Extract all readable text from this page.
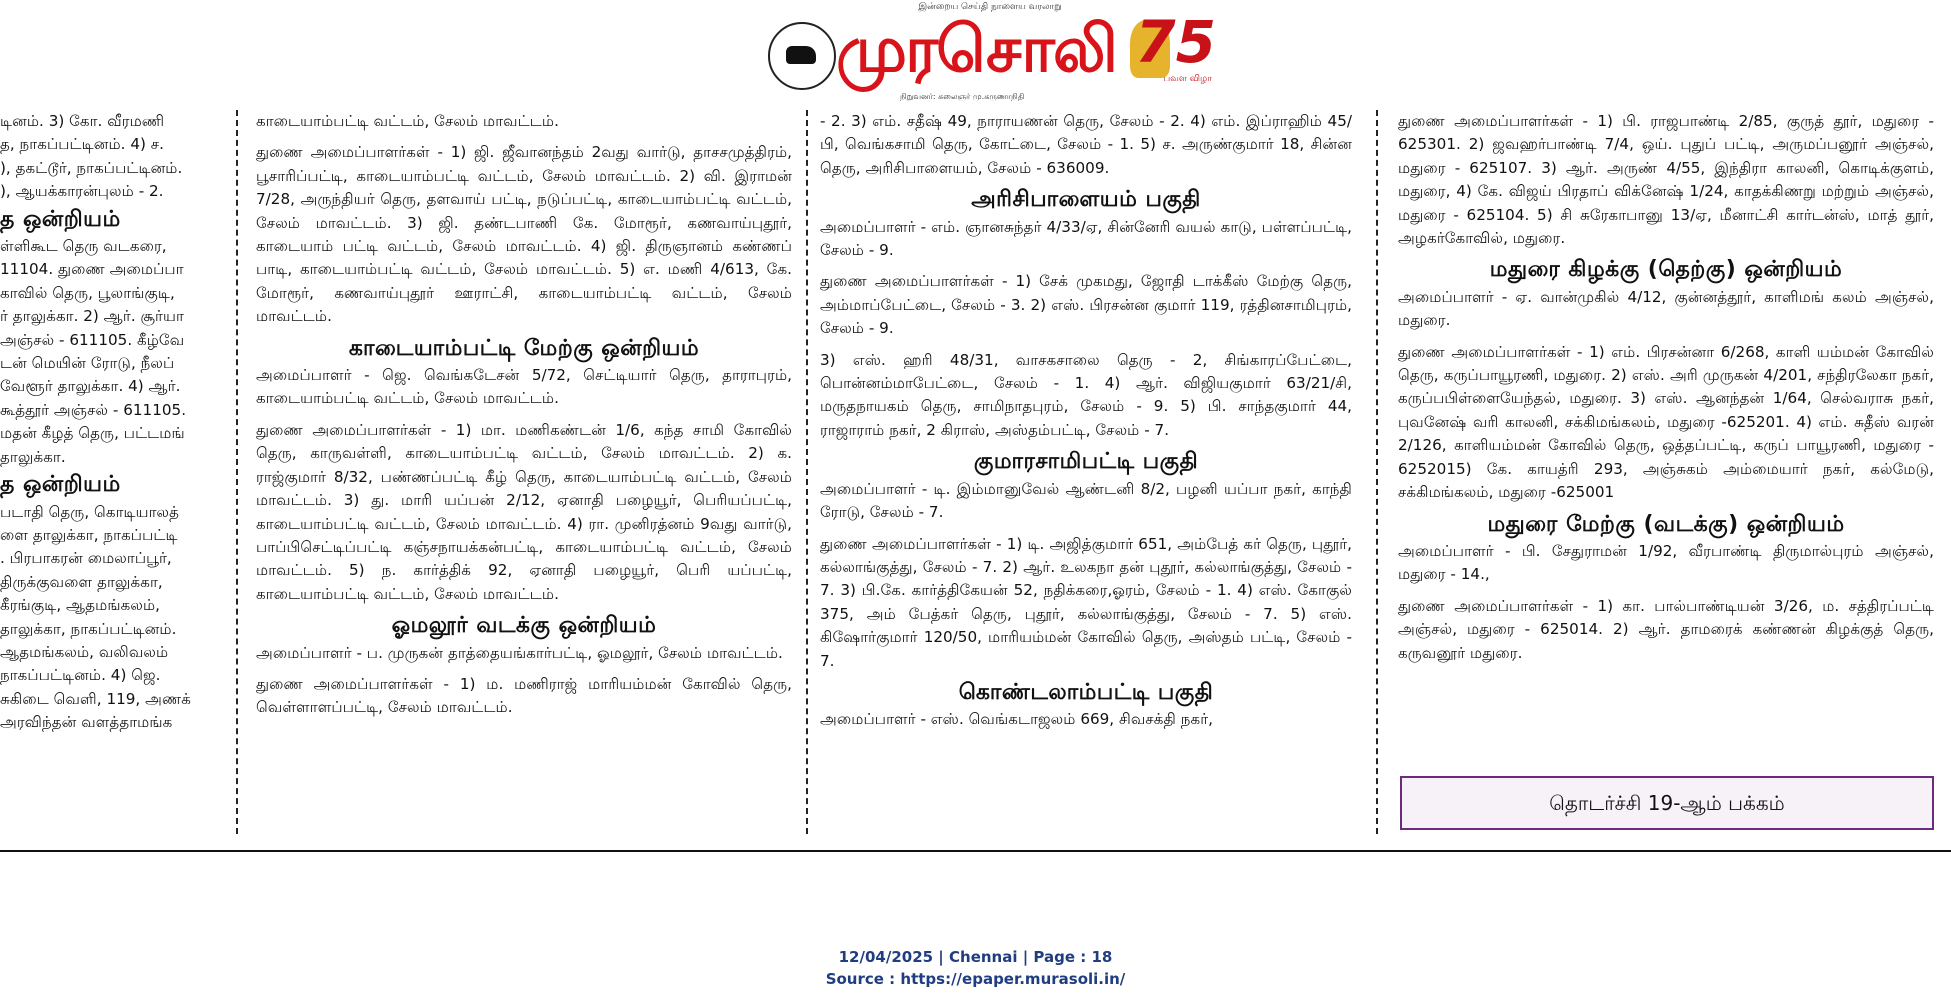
இன்றைய செய்தி நாளைய வரலாறு
முரசொலி
நிறுவனர்: கலைஞர் மு.கருணாநிதி
75
பவள விழா

டினம். 3) கோ. வீரமணி

த, நாகப்பட்டினம். 4) ச.

), தகட்டூர், நாகப்பட்டினம்.

), ஆயக்காரன்புலம் - 2.

த ஒன்றியம்

ள்ளிகூட தெரு வடகரை,

11104. துணை அமைப்பா

காவில் தெரு, பூலாங்குடி,

ர் தாலுக்கா. 2) ஆர். சூர்யா

அஞ்சல் - 611105. கீழ்வே

டன் மெயின் ரோடு, நீலப்

வேளூர் தாலுக்கா. 4) ஆர்.

கூத்தூர் அஞ்சல் - 611105.

மதன் கீழத் தெரு, பட்டமங்

தாலுக்கா.

த ஒன்றியம்

படாதி தெரு, கொடியாலத்

ளை தாலுக்கா, நாகப்பட்டி

. பிரபாகரன் மைலாப்பூர்,

திருக்குவளை தாலுக்கா,

கீரங்குடி, ஆதமங்கலம்,

தாலுக்கா, நாகப்பட்டினம்.

ஆதமங்கலம், வலிவலம்

நாகப்பட்டினம். 4) ஜெ.

சுகிடை வெளி, 119, அணக்

அரவிந்தன் வளத்தாமங்க

காடையாம்பட்டி வட்டம், சேலம் மாவட்டம்.

துணை அமைப்பாளர்கள் - 1) ஜி. ஜீவானந்தம் 2வது வார்டு, தாசசமுத்திரம், பூசாரிப்பட்டி, காடையாம்பட்டி வட்டம், சேலம் மாவட்டம். 2) வி. இராமன் 7/28, அருந்தியர் தெரு, தளவாய் பட்டி, நடுப்பட்டி, காடையாம்பட்டி வட்டம், சேலம் மாவட்டம். 3) ஜி. தண்டபாணி கே. மோரூர், கணவாய்புதூர், காடையாம் பட்டி வட்டம், சேலம் மாவட்டம். 4) ஜி. திருஞானம் கண்ணப் பாடி, காடையாம்பட்டி வட்டம், சேலம் மாவட்டம். 5) எ. மணி 4/613, கே. மோரூர், கணவாய்புதூர் ஊராட்சி, காடையாம்பட்டி வட்டம், சேலம் மாவட்டம்.

காடையாம்பட்டி மேற்கு ஒன்றியம்

அமைப்பாளர் - ஜெ. வெங்கடேசன் 5/72, செட்டியார் தெரு, தாராபுரம், காடையாம்பட்டி வட்டம், சேலம் மாவட்டம்.

துணை அமைப்பாளர்கள் - 1) மா. மணிகண்டன் 1/6, கந்த சாமி கோவில் தெரு, காருவள்ளி, காடையாம்பட்டி வட்டம், சேலம் மாவட்டம். 2) க. ராஜ்குமார் 8/32, பண்ணப்பட்டி கீழ் தெரு, காடையாம்பட்டி வட்டம், சேலம் மாவட்டம். 3) து. மாரி யப்பன் 2/12, ஏனாதி பழையூர், பெரியப்பட்டி, காடையாம்பட்டி வட்டம், சேலம் மாவட்டம். 4) ரா. முனிரத்னம் 9வது வார்டு, பாப்பிசெட்டிப்பட்டி கஞ்சநாயக்கன்பட்டி, காடையாம்பட்டி வட்டம், சேலம் மாவட்டம். 5) ந. கார்த்திக் 92, ஏனாதி பழையூர், பெரி யப்பட்டி, காடையாம்பட்டி வட்டம், சேலம் மாவட்டம்.

ஓமலூர் வடக்கு ஒன்றியம்

அமைப்பாளர் - ப. முருகன் தாத்தையங்கார்பட்டி, ஓமலூர், சேலம் மாவட்டம்.

துணை அமைப்பாளர்கள் - 1) ம. மணிராஜ் மாரியம்மன் கோவில் தெரு, வெள்ளாளப்பட்டி, சேலம் மாவட்டம்.

- 2. 3) எம். சதீஷ் 49, நாராயணன் தெரு, சேலம் - 2. 4) எம். இப்ராஹிம் 45/பி, வெங்கசாமி தெரு, கோட்டை, சேலம் - 1. 5) ச. அருண்குமார் 18, சின்ன தெரு, அரிசிபாளையம், சேலம் - 636009.

அரிசிபாளையம் பகுதி

அமைப்பாளர் - எம். ஞானசுந்தர் 4/33/ஏ, சின்னேரி வயல் காடு, பள்ளப்பட்டி, சேலம் - 9.

துணை அமைப்பாளர்கள் - 1) சேக் முகமது, ஜோதி டாக்கீஸ் மேற்கு தெரு, அம்மாப்பேட்டை, சேலம் - 3. 2) எஸ். பிரசன்ன குமார் 119, ரத்தினசாமிபுரம், சேலம் - 9.

3) எஸ். ஹரி 48/31, வாசகசாலை தெரு - 2, சிங்காரப்பேட்டை, பொன்னம்மாபேட்டை, சேலம் - 1. 4) ஆர். விஜியகுமார் 63/21/சி, மருதநாயகம் தெரு, சாமிநாதபுரம், சேலம் - 9. 5) பி. சாந்தகுமார் 44, ராஜாராம் நகர், 2 கிராஸ், அஸ்தம்பட்டி, சேலம் - 7.

குமாரசாமிபட்டி பகுதி

அமைப்பாளர் - டி. இம்மானுவேல் ஆண்டனி 8/2, பழனி யப்பா நகர், காந்தி ரோடு, சேலம் - 7.

துணை அமைப்பாளர்கள் - 1) டி. அஜித்குமார் 651, அம்பேத் கர் தெரு, புதூர், கல்லாங்குத்து, சேலம் - 7. 2) ஆர். உலகநா தன் புதூர், கல்லாங்குத்து, சேலம் - 7. 3) பி.கே. கார்த்திகேயன் 52, நதிக்கரை,ஓரம், சேலம் - 1. 4) எஸ். கோகுல் 375, அம் பேத்கர் தெரு, புதூர், கல்லாங்குத்து, சேலம் - 7. 5) எஸ். கிஷோர்குமார் 120/50, மாரியம்மன் கோவில் தெரு, அஸ்தம் பட்டி, சேலம் - 7.

கொண்டலாம்பட்டி பகுதி

அமைப்பாளர் - எஸ். வெங்கடாஜலம் 669, சிவசக்தி நகர்,

துணை அமைப்பாளர்கள் - 1) பி. ராஜபாண்டி 2/85, குருத் தூர், மதுரை - 625301. 2) ஜவஹர்பாண்டி 7/4, ஒய். புதுப் பட்டி, அருமப்பனூர் அஞ்சல், மதுரை - 625107. 3) ஆர். அருண் 4/55, இந்திரா காலனி, கொடிக்குளம், மதுரை, 4) கே. விஜய் பிரதாப் விக்னேஷ் 1/24, காதக்கிணறு மற்றும் அஞ்சல், மதுரை - 625104. 5) சி சுரேகாபானு 13/ஏ, மீனாட்சி கார்டன்ஸ், மாத் தூர், அழகர்கோவில், மதுரை.

மதுரை கிழக்கு (தெற்கு) ஒன்றியம்

அமைப்பாளர் - ஏ. வான்முகில் 4/12, குன்னத்தூர், காளிமங் கலம் அஞ்சல், மதுரை.

துணை அமைப்பாளர்கள் - 1) எம். பிரசன்னா 6/268, காளி யம்மன் கோவில் தெரு, கருப்பாயூரணி, மதுரை. 2) எஸ். அரி முருகன் 4/201, சந்திரலேகா நகர், கருப்பபிள்ளையேந்தல், மதுரை. 3) எஸ். ஆனந்தன் 1/64, செல்வராசு நகர், புவனேஷ் வரி காலனி, சக்கிமங்கலம், மதுரை -625201. 4) எம். சுதீஸ் வரன் 2/126, காளியம்மன் கோவில் தெரு, ஒத்தப்பட்டி, கருப் பாயூரணி, மதுரை - 6252015) கே. காயத்ரி 293, அஞ்சுகம் அம்மையார் நகர், கல்மேடு, சக்கிமங்கலம், மதுரை -625001

மதுரை மேற்கு (வடக்கு) ஒன்றியம்

அமைப்பாளர் - பி. சேதுராமன் 1/92, வீரபாண்டி திருமால்புரம் அஞ்சல், மதுரை - 14.,

துணை அமைப்பாளர்கள் - 1) கா. பால்பாண்டியன் 3/26, ம. சத்திரப்பட்டி அஞ்சல், மதுரை - 625014. 2) ஆர். தாமரைக் கண்ணன் கிழக்குத் தெரு, கருவனூர் மதுரை.

தொடர்ச்சி 19-ஆம் பக்கம்
12/04/2025 | Chennai | Page : 18
Source : https://epaper.murasoli.in/
